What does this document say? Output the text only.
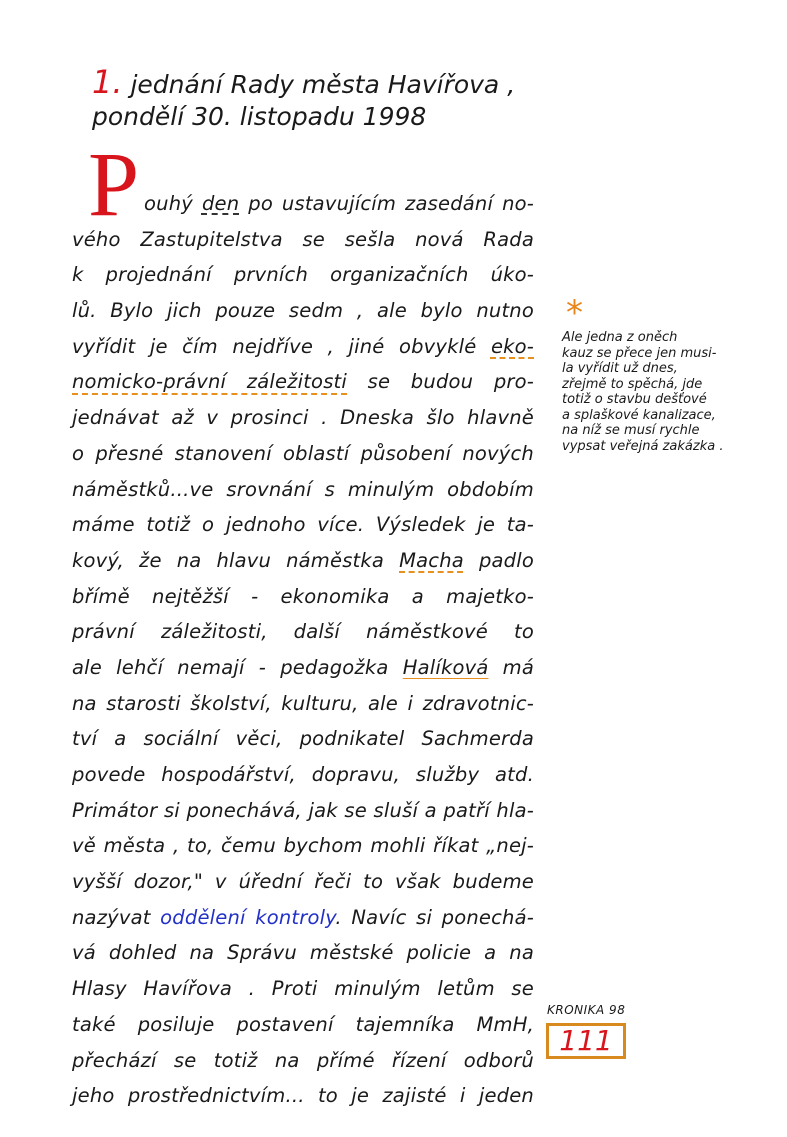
1. jednání Rady města Havířova ,
pondělí 30. listopadu 1998
P ouhý den po ustavujícím zasedání no-
vého Zastupitelstva se sešla nová Rada
k projednání prvních organizačních úko-
lů. Bylo jich pouze sedm , ale bylo nutno
vyřídit je čím nejdříve , jiné obvyklé eko-
nomicko-právní záležitosti se budou pro-
jednávat až v prosinci . Dneska šlo hlavně
o přesné stanovení oblastí působení nových
náměstků...ve srovnání s minulým obdobím
máme totiž o jednoho více. Výsledek je ta-
kový, že na hlavu náměstka Macha padlo
břímě nejtěžší - ekonomika a majetko-
právní záležitosti, další náměstkové to
ale lehčí nemají - pedagožka Halíková má
na starosti školství, kulturu, ale i zdravotnic-
tví a sociální věci, podnikatel Sachmerda
povede hospodářství, dopravu, služby atd.
Primátor si ponechává, jak se sluší a patří hla-
vě města , to, čemu bychom mohli říkat „nej-
vyšší dozor," v úřední řeči to však budeme
nazývat oddělení kontroly. Navíc si ponechá-
vá dohled na Správu městské policie a na
Hlasy Havířova . Proti minulým letům se
také posiluje postavení tajemníka MmH,
přechází se totiž na přímé řízení odborů
jeho prostřednictvím... to je zajisté i jeden
*
Ale jedna z oněch
kauz se přece jen musi-
la vyřídit už dnes,
zřejmě to spěchá, jde
totiž o stavbu dešťové
a splaškové kanalizace,
na níž se musí rychle
vypsat veřejná zakázka .
KRONIKA 98
111
